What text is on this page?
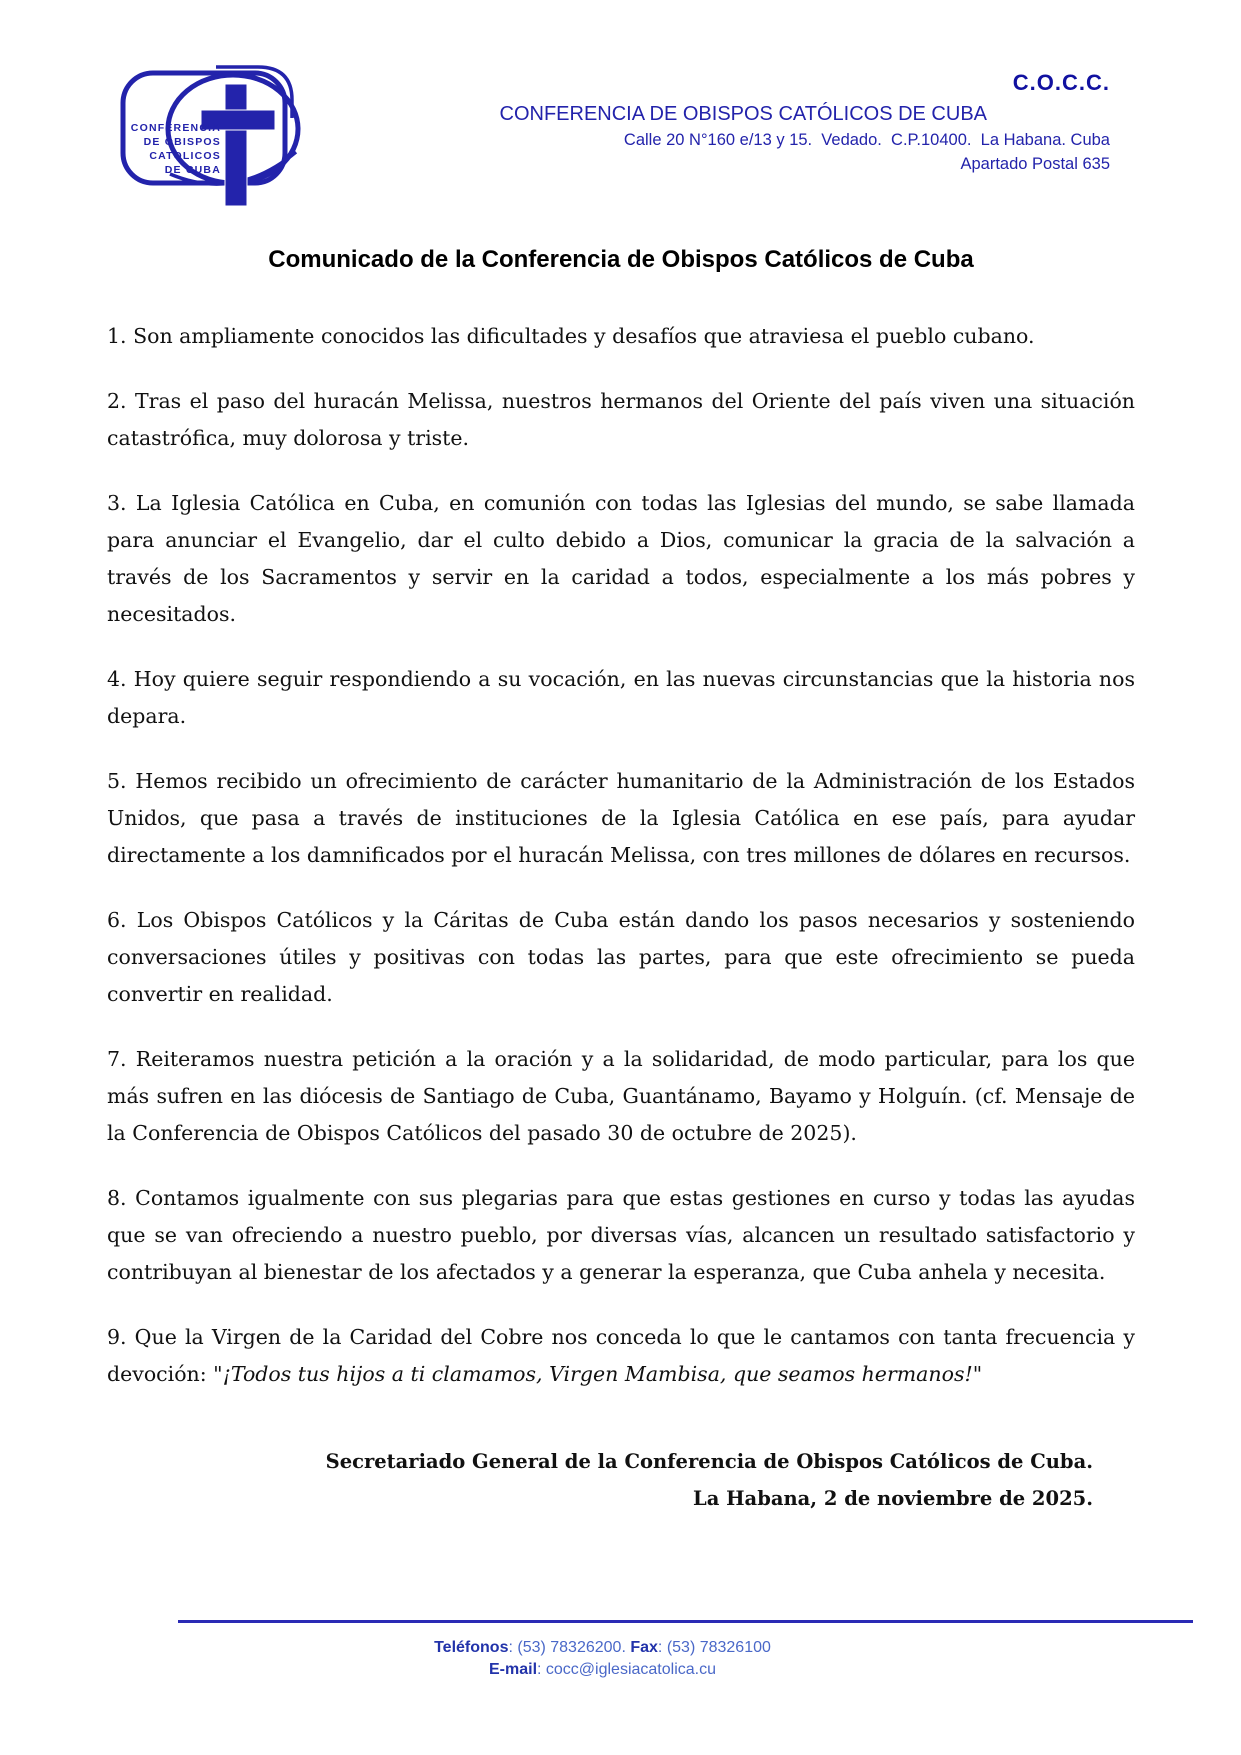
CONFERENCIA
DE OBISPOS
CATOLICOS
DE CUBA
C.O.C.C.
CONFERENCIA DE OBISPOS CATÓLICOS DE CUBA
Calle 20 N°160 e/13 y 15.  Vedado.  C.P.10400.  La Habana. Cuba
Apartado Postal 635
Comunicado de la Conferencia de Obispos Católicos de Cuba

1. Son ampliamente conocidos las dificultades y desafíos que atraviesa el pueblo cubano.

2. Tras el paso del huracán Melissa, nuestros hermanos del Oriente del país viven una situación catastrófica, muy dolorosa y triste.

3. La Iglesia Católica en Cuba, en comunión con todas las Iglesias del mundo, se sabe llamada para anunciar el Evangelio, dar el culto debido a Dios, comunicar la gracia de la salvación a través de los Sacramentos y servir en la caridad a todos, especialmente a los más pobres y necesitados.

4. Hoy quiere seguir respondiendo a su vocación, en las nuevas circunstancias que la historia nos depara.

5. Hemos recibido un ofrecimiento de carácter humanitario de la Administración de los Estados Unidos, que pasa a través de instituciones de la Iglesia Católica en ese país, para ayudar directamente a los damnificados por el huracán Melissa, con tres millones de dólares en recursos.

6. Los Obispos Católicos y la Cáritas de Cuba están dando los pasos necesarios y sosteniendo conversaciones útiles y positivas con todas las partes, para que este ofrecimiento se pueda convertir en realidad.

7. Reiteramos nuestra petición a la oración y a la solidaridad, de modo particular, para los que más sufren en las diócesis de Santiago de Cuba, Guantánamo, Bayamo y Holguín. (cf. Mensaje de la Conferencia de Obispos Católicos del pasado 30 de octubre de 2025).

8. Contamos igualmente con sus plegarias para que estas gestiones en curso y todas las ayudas que se van ofreciendo a nuestro pueblo, por diversas vías, alcancen un resultado satisfactorio y contribuyan al bienestar de los afectados y a generar la esperanza, que Cuba anhela y necesita.

9. Que la Virgen de la Caridad del Cobre nos conceda lo que le cantamos con tanta frecuencia y devoción: "¡Todos tus hijos a ti clamamos, Virgen Mambisa, que seamos hermanos!"

Secretariado General de la Conferencia de Obispos Católicos de Cuba.
La Habana, 2 de noviembre de 2025.
Teléfonos: (53) 78326200. Fax: (53) 78326100
E-mail: cocc@iglesiacatolica.cu
